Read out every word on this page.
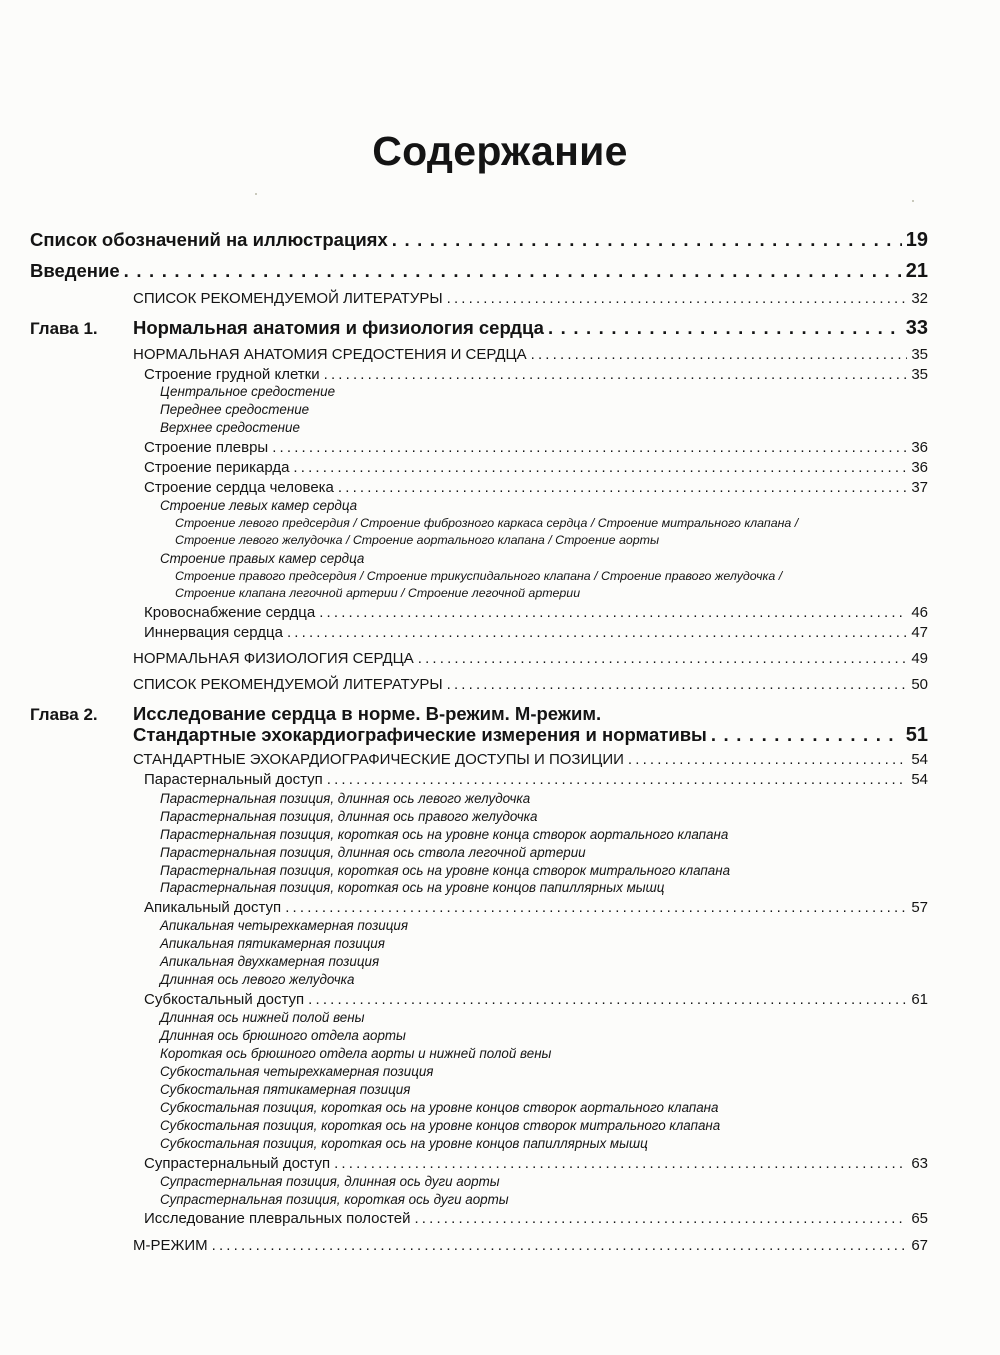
Содержание
Список обозначений на иллюстрациях . . .	19
Введение . . .	21
СПИСОК РЕКОМЕНДУЕМОЙ ЛИТЕРАТУРЫ . . .	32
Глава 1. Нормальная анатомия и физиология сердца . . .	33
НОРМАЛЬНАЯ АНАТОМИЯ СРЕДОСТЕНИЯ И СЕРДЦА . . .	35
Строение грудной клетки . . .	35
Центральное средостение
Переднее средостение
Верхнее средостение
Строение плевры . . .	36
Строение перикарда . . .	36
Строение сердца человека . . .	37
Строение левых камер сердца
Строение левого предсердия / Строение фиброзного каркаса сердца / Строение митрального клапана /
Строение левого желудочка / Строение аортального клапана / Строение аорты
Строение правых камер сердца
Строение правого предсердия / Строение трикуспидального клапана / Строение правого желудочка /
Строение клапана легочной артерии / Строение легочной артерии
Кровоснабжение сердца . . .	46
Иннервация сердца . . .	47
НОРМАЛЬНАЯ ФИЗИОЛОГИЯ СЕРДЦА . . .	49
СПИСОК РЕКОМЕНДУЕМОЙ ЛИТЕРАТУРЫ . . .	50
Глава 2. Исследование сердца в норме. В-режим. М-режим.
Стандартные эхокардиографические измерения и нормативы . . .	51
СТАНДАРТНЫЕ ЭХОКАРДИОГРАФИЧЕСКИЕ ДОСТУПЫ И ПОЗИЦИИ . . .	54
Парастернальный доступ . . .	54
Парастернальная позиция, длинная ось левого желудочка
Парастернальная позиция, длинная ось правого желудочка
Парастернальная позиция, короткая ось на уровне конца створок аортального клапана
Парастернальная позиция, длинная ось ствола легочной артерии
Парастернальная позиция, короткая ось на уровне конца створок митрального клапана
Парастернальная позиция, короткая ось на уровне концов папиллярных мышц
Апикальный доступ . . .	57
Апикальная четырехкамерная позиция
Апикальная пятикамерная позиция
Апикальная двухкамерная позиция
Длинная ось левого желудочка
Субкостальный доступ . . .	61
Длинная ось нижней полой вены
Длинная ось брюшного отдела аорты
Короткая ось брюшного отдела аорты и нижней полой вены
Субкостальная четырехкамерная позиция
Субкостальная пятикамерная позиция
Субкостальная позиция, короткая ось на уровне концов створок аортального клапана
Субкостальная позиция, короткая ось на уровне концов створок митрального клапана
Субкостальная позиция, короткая ось на уровне концов папиллярных мышц
Супрастернальный доступ . . .	63
Супрастернальная позиция, длинная ось дуги аорты
Супрастернальная позиция, короткая ось дуги аорты
Исследование плевральных полостей . . .	65
М-РЕЖИМ . . .	67
